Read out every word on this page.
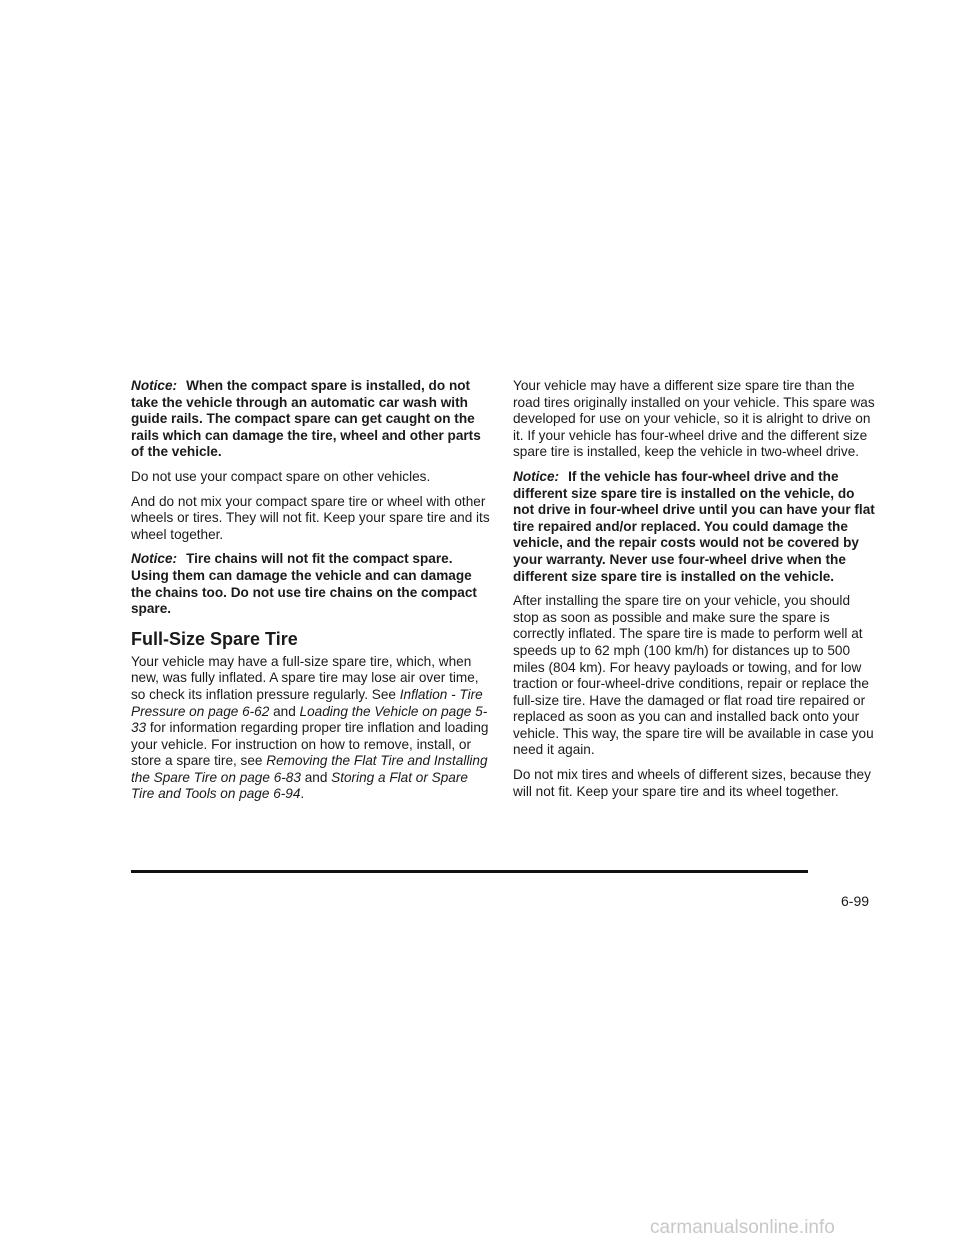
Notice: When the compact spare is installed, do not take the vehicle through an automatic car wash with guide rails. The compact spare can get caught on the rails which can damage the tire, wheel and other parts of the vehicle.

Do not use your compact spare on other vehicles.

And do not mix your compact spare tire or wheel with other wheels or tires. They will not fit. Keep your spare tire and its wheel together.

Notice: Tire chains will not fit the compact spare. Using them can damage the vehicle and can damage the chains too. Do not use tire chains on the compact spare.

Full-Size Spare Tire

Your vehicle may have a full-size spare tire, which, when new, was fully inflated. A spare tire may lose air over time, so check its inflation pressure regularly. See Inflation - Tire Pressure on page 6-62 and Loading the Vehicle on page 5-33 for information regarding proper tire inflation and loading your vehicle. For instruction on how to remove, install, or store a spare tire, see Removing the Flat Tire and Installing the Spare Tire on page 6-83 and Storing a Flat or Spare Tire and Tools on page 6-94.

Your vehicle may have a different size spare tire than the road tires originally installed on your vehicle. This spare was developed for use on your vehicle, so it is alright to drive on it. If your vehicle has four-wheel drive and the different size spare tire is installed, keep the vehicle in two-wheel drive.

Notice: If the vehicle has four-wheel drive and the different size spare tire is installed on the vehicle, do not drive in four-wheel drive until you can have your flat tire repaired and/or replaced. You could damage the vehicle, and the repair costs would not be covered by your warranty. Never use four-wheel drive when the different size spare tire is installed on the vehicle.

After installing the spare tire on your vehicle, you should stop as soon as possible and make sure the spare is correctly inflated. The spare tire is made to perform well at speeds up to 62 mph (100 km/h) for distances up to 500 miles (804 km). For heavy payloads or towing, and for low traction or four-wheel-drive conditions, repair or replace the full-size tire. Have the damaged or flat road tire repaired or replaced as soon as you can and installed back onto your vehicle. This way, the spare tire will be available in case you need it again.

Do not mix tires and wheels of different sizes, because they will not fit. Keep your spare tire and its wheel together.

6-99
carmanualsonline.info
